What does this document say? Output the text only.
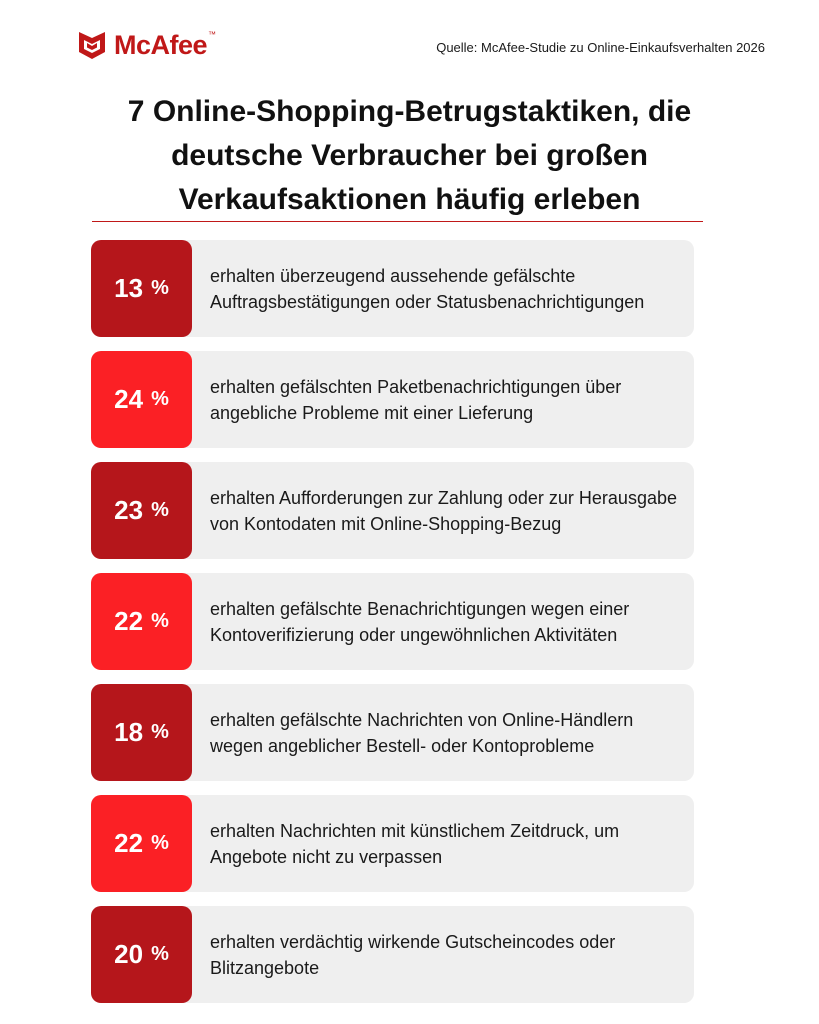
McAfee ™
Quelle: McAfee-Studie zu Online-Einkaufsverhalten 2026
7 Online-Shopping-Betrugstaktiken, die
deutsche Verbraucher bei großen
Verkaufsaktionen häufig erleben
13 %
erhalten überzeugend aussehende gefälschte Auftragsbestätigungen oder Statusbenachrichtigungen
24 %
erhalten gefälschten Paketbenachrichtigungen über angebliche Probleme mit einer Lieferung
23 %
erhalten Aufforderungen zur Zahlung oder zur Herausgabe von Kontodaten mit Online-Shopping-Bezug
22 %
erhalten gefälschte Benachrichtigungen wegen einer Kontoverifizierung oder ungewöhnlichen Aktivitäten
18 %
erhalten gefälschte Nachrichten von Online-Händlern wegen angeblicher Bestell- oder Kontoprobleme
22 %
erhalten Nachrichten mit künstlichem Zeitdruck, um Angebote nicht zu verpassen
20 %
erhalten verdächtig wirkende Gutscheincodes oder Blitzangebote
